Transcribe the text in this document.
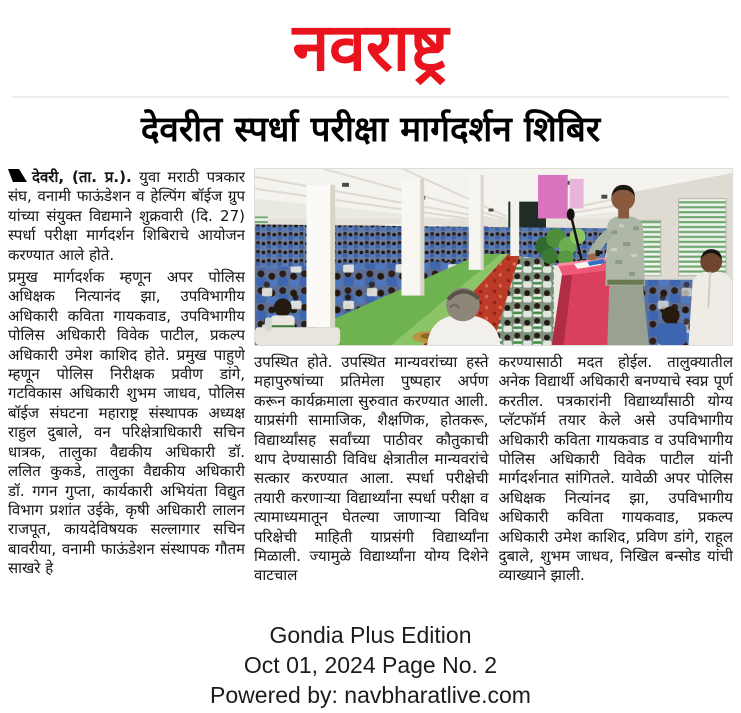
नवराष्ट्र
देवरीत स्पर्धा परीक्षा मार्गदर्शन शिबिर

देवरी, (ता. प्र.). युवा मराठी पत्रकार संघ, वनामी फाऊंडेशन व हेल्पिंग बॉईज ग्रुप यांच्या संयुक्त विद्यमाने शुक्रवारी (दि. 27) स्पर्धा परीक्षा मार्गदर्शन शिबिराचे आयोजन करण्यात आले होते.

प्रमुख मार्गदर्शक म्हणून अपर पोलिस अधिक्षक नित्यानंद झा, उपविभागीय अधिकारी कविता गायकवाड, उपविभागीय पोलिस अधिकारी विवेक पाटील, प्रकल्प अधिकारी उमेश काशिद होते. प्रमुख पाहुणे म्हणून पोलिस निरीक्षक प्रवीण डांगे, गटविकास अधिकारी शुभम जाधव, पोलिस बॉईज संघटना महाराष्ट्र संस्थापक अध्यक्ष राहुल दुबाले, वन परिक्षेत्राधिकारी सचिन धात्रक, तालुका वैद्यकीय अधिकारी डॉ. ललित कुकडे, तालुका वैद्यकीय अधिकारी डॉ. गगन गुप्ता, कार्यकारी अभियंता विद्युत विभाग प्रशांत उईके, कृषी अधिकारी लालन राजपूत, कायदेविषयक सल्लागार सचिन बावरीया, वनामी फाऊंडेशन संस्थापक गौतम साखरे हे

उपस्थित होते. उपस्थित मान्यवरांच्या हस्ते महापुरुषांच्या प्रतिमेला पुष्पहार अर्पण करून कार्यक्रमाला सुरुवात करण्यात आली. याप्रसंगी सामाजिक, शैक्षणिक, होतकरू, विद्यार्थ्यांसह सर्वांच्या पाठीवर कौतुकाची थाप देण्यासाठी विविध क्षेत्रातील मान्यवरांचे सत्कार करण्यात आला. स्पर्धा परीक्षेची तयारी करणाऱ्या विद्यार्थ्यांना स्पर्धा परीक्षा व त्यामाध्यमातून घेतल्या जाणाऱ्या विविध परिक्षेची माहिती याप्रसंगी विद्यार्थ्यांना मिळाली. ज्यामुळे विद्यार्थ्यांना योग्य दिशेने वाटचाल

करण्यासाठी मदत होईल. तालुक्यातील अनेक विद्यार्थी अधिकारी बनण्याचे स्वप्न पूर्ण करतील. पत्रकारांनी विद्यार्थ्यांसाठी योग्य प्लॅटफॉर्म तयार केले असे उपविभागीय अधिकारी कविता गायकवाड व उपविभागीय पोलिस अधिकारी विवेक पाटील यांनी मार्गदर्शनात सांगितले. यावेळी अपर पोलिस अधिक्षक नित्यांनद झा, उपविभागीय अधिकारी कविता गायकवाड, प्रकल्प अधिकारी उमेश काशिद, प्रविण डांगे, राहूल दुबाले, शुभम जाधव, निखिल बन्सोड यांची व्याख्याने झाली.

Gondia Plus Edition
Oct 01, 2024 Page No. 2
Powered by: navbharatlive.com
